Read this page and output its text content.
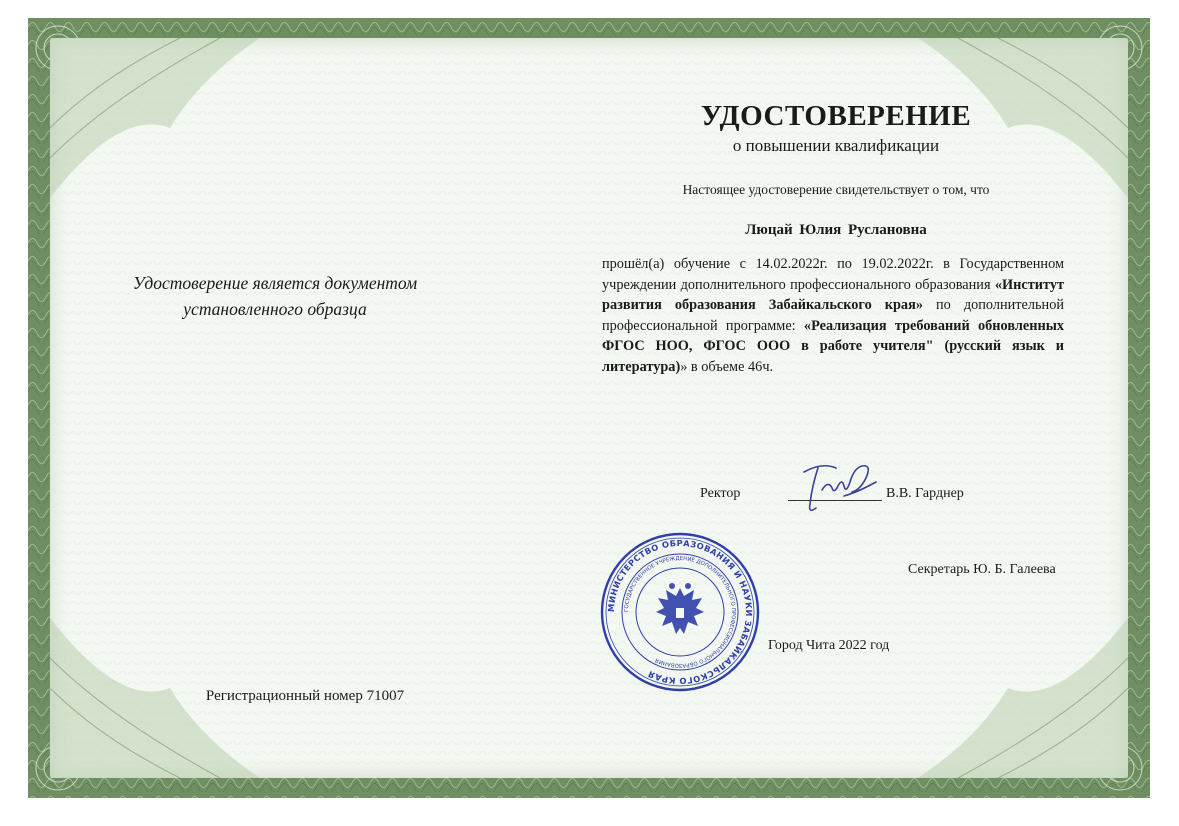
Удостоверение является документом
установленного образца
Регистрационный номер 71007
УДОСТОВЕРЕНИЕ
о повышении квалификации
Настоящее удостоверение свидетельствует о том, что
Люцай Юлия Руслановна
прошёл(а) обучение с 14.02.2022г. по 19.02.2022г. в Государственном учреждении дополнительного профессионального образования «Институт развития образования Забайкальского края» по дополнительной профессиональной программе: «Реализация требований обновленных ФГОС НОО, ФГОС ООО в работе учителя" (русский язык и литература)» в объеме 46ч.
Ректор	В.В. Гарднер
Секретарь Ю. Б. Галеева
Город Чита 2022 год
МИНИСТЕРСТВО ОБРАЗОВАНИЯ И НАУКИ ЗАБАЙКАЛЬСКОГО КРАЯ
ГОСУДАРСТВЕННОЕ УЧРЕЖДЕНИЕ ДОПОЛНИТЕЛЬНОГО ПРОФЕССИОНАЛЬНОГО ОБРАЗОВАНИЯ
